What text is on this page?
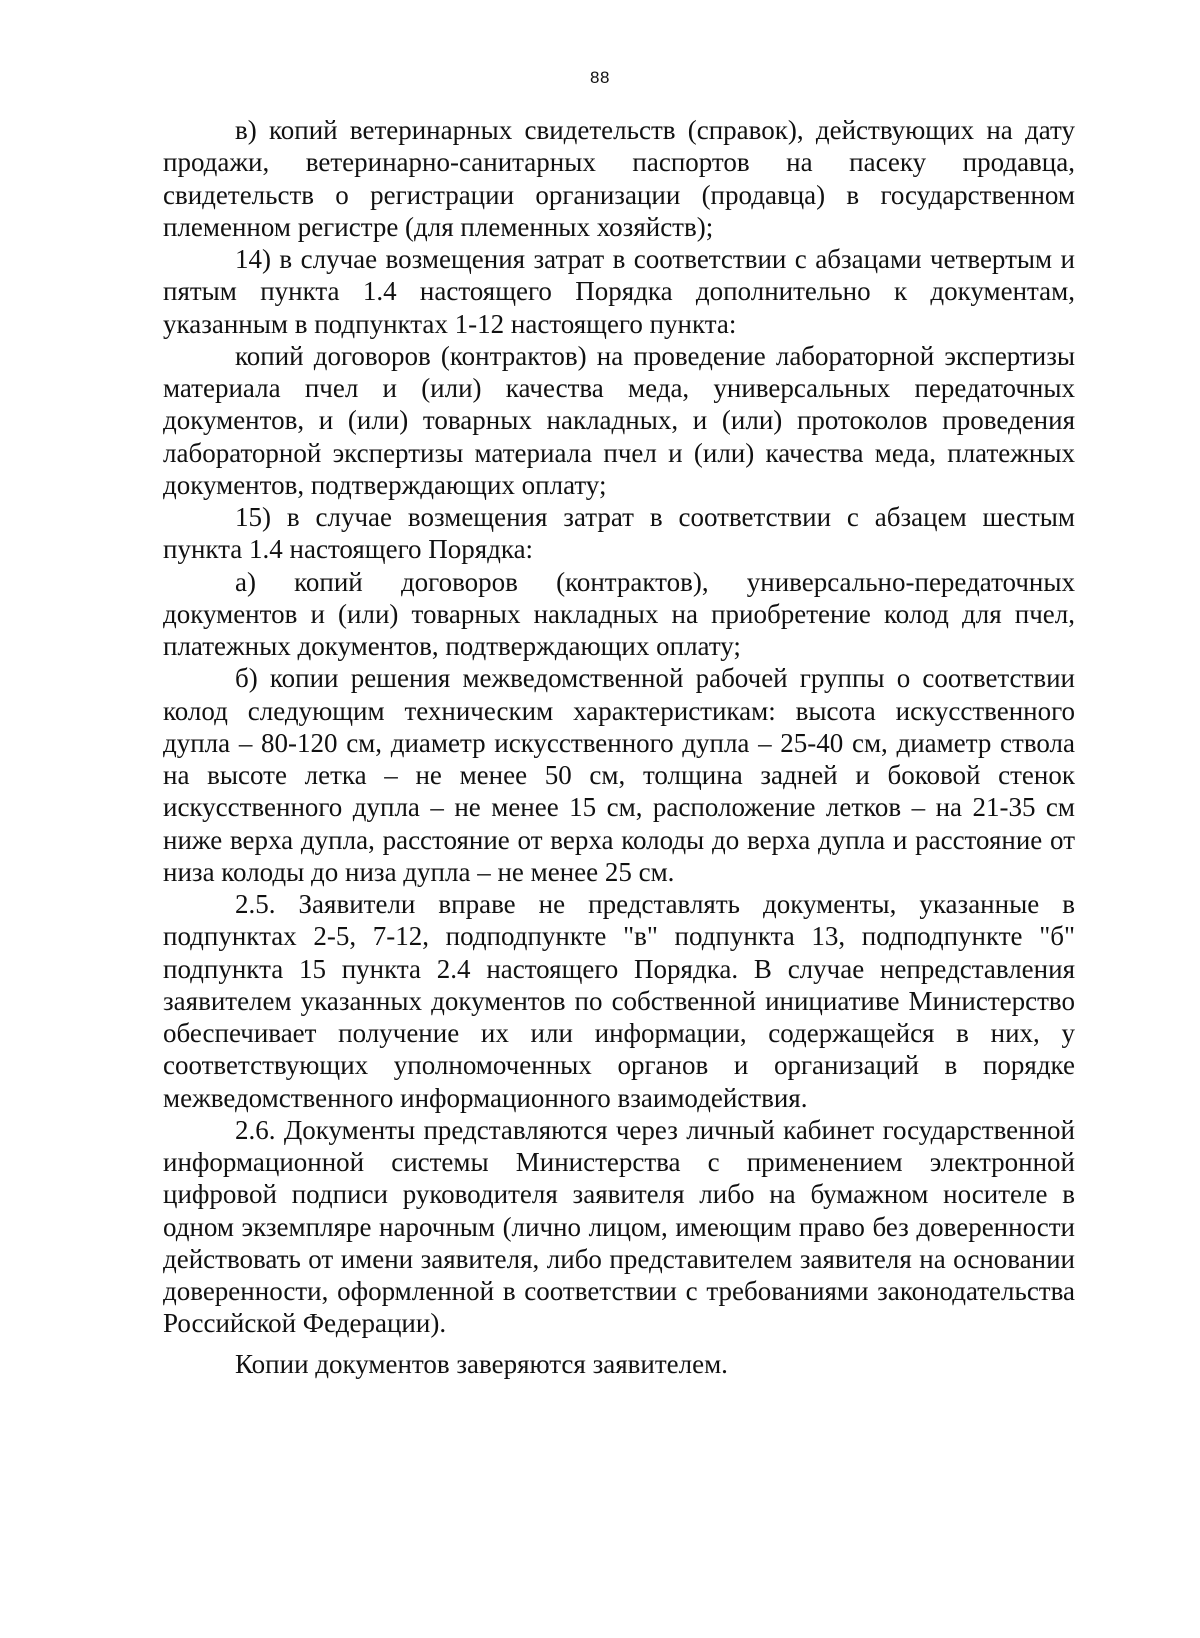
88

в) копий ветеринарных свидетельств (справок), действующих на дату продажи, ветеринарно-санитарных паспортов на пасеку продавца, свидетельств о регистрации организации (продавца) в государственном племенном регистре (для племенных хозяйств);

14) в случае возмещения затрат в соответствии с абзацами четвертым и пятым пункта 1.4 настоящего Порядка дополнительно к документам, указанным в подпунктах 1-12 настоящего пункта:

копий договоров (контрактов) на проведение лабораторной экспертизы материала пчел и (или) качества меда, универсальных передаточных документов, и (или) товарных накладных, и (или) протоколов проведения лабораторной экспертизы материала пчел и (или) качества меда, платежных документов, подтверждающих оплату;

15) в случае возмещения затрат в соответствии с абзацем шестым пункта 1.4 настоящего Порядка:

а) копий договоров (контрактов), универсально-передаточных документов и (или) товарных накладных на приобретение колод для пчел, платежных документов, подтверждающих оплату;

б) копии решения межведомственной рабочей группы о соответствии колод следующим техническим характеристикам: высота искусственного дупла – 80-120 см, диаметр искусственного дупла – 25-40 см, диаметр ствола на высоте летка – не менее 50 см, толщина задней и боковой стенок искусственного дупла – не менее 15 см, расположение летков – на 21-35 см ниже верха дупла, расстояние от верха колоды до верха дупла и расстояние от низа колоды до низа дупла – не менее 25 см.

2.5. Заявители вправе не представлять документы, указанные в подпунктах 2-5, 7-12, подподпункте "в" подпункта 13, подподпункте "б" подпункта 15 пункта 2.4 настоящего Порядка. В случае непредставления заявителем указанных документов по собственной инициативе Министерство обеспечивает получение их или информации, содержащейся в них, у соответствующих уполномоченных органов и организаций в порядке межведомственного информационного взаимодействия.

2.6. Документы представляются через личный кабинет государственной информационной системы Министерства с применением электронной цифровой подписи руководителя заявителя либо на бумажном носителе в одном экземпляре нарочным (лично лицом, имеющим право без доверенности действовать от имени заявителя, либо представителем заявителя на основании доверенности, оформленной в соответствии с требованиями законодательства Российской Федерации).

Копии документов заверяются заявителем.
